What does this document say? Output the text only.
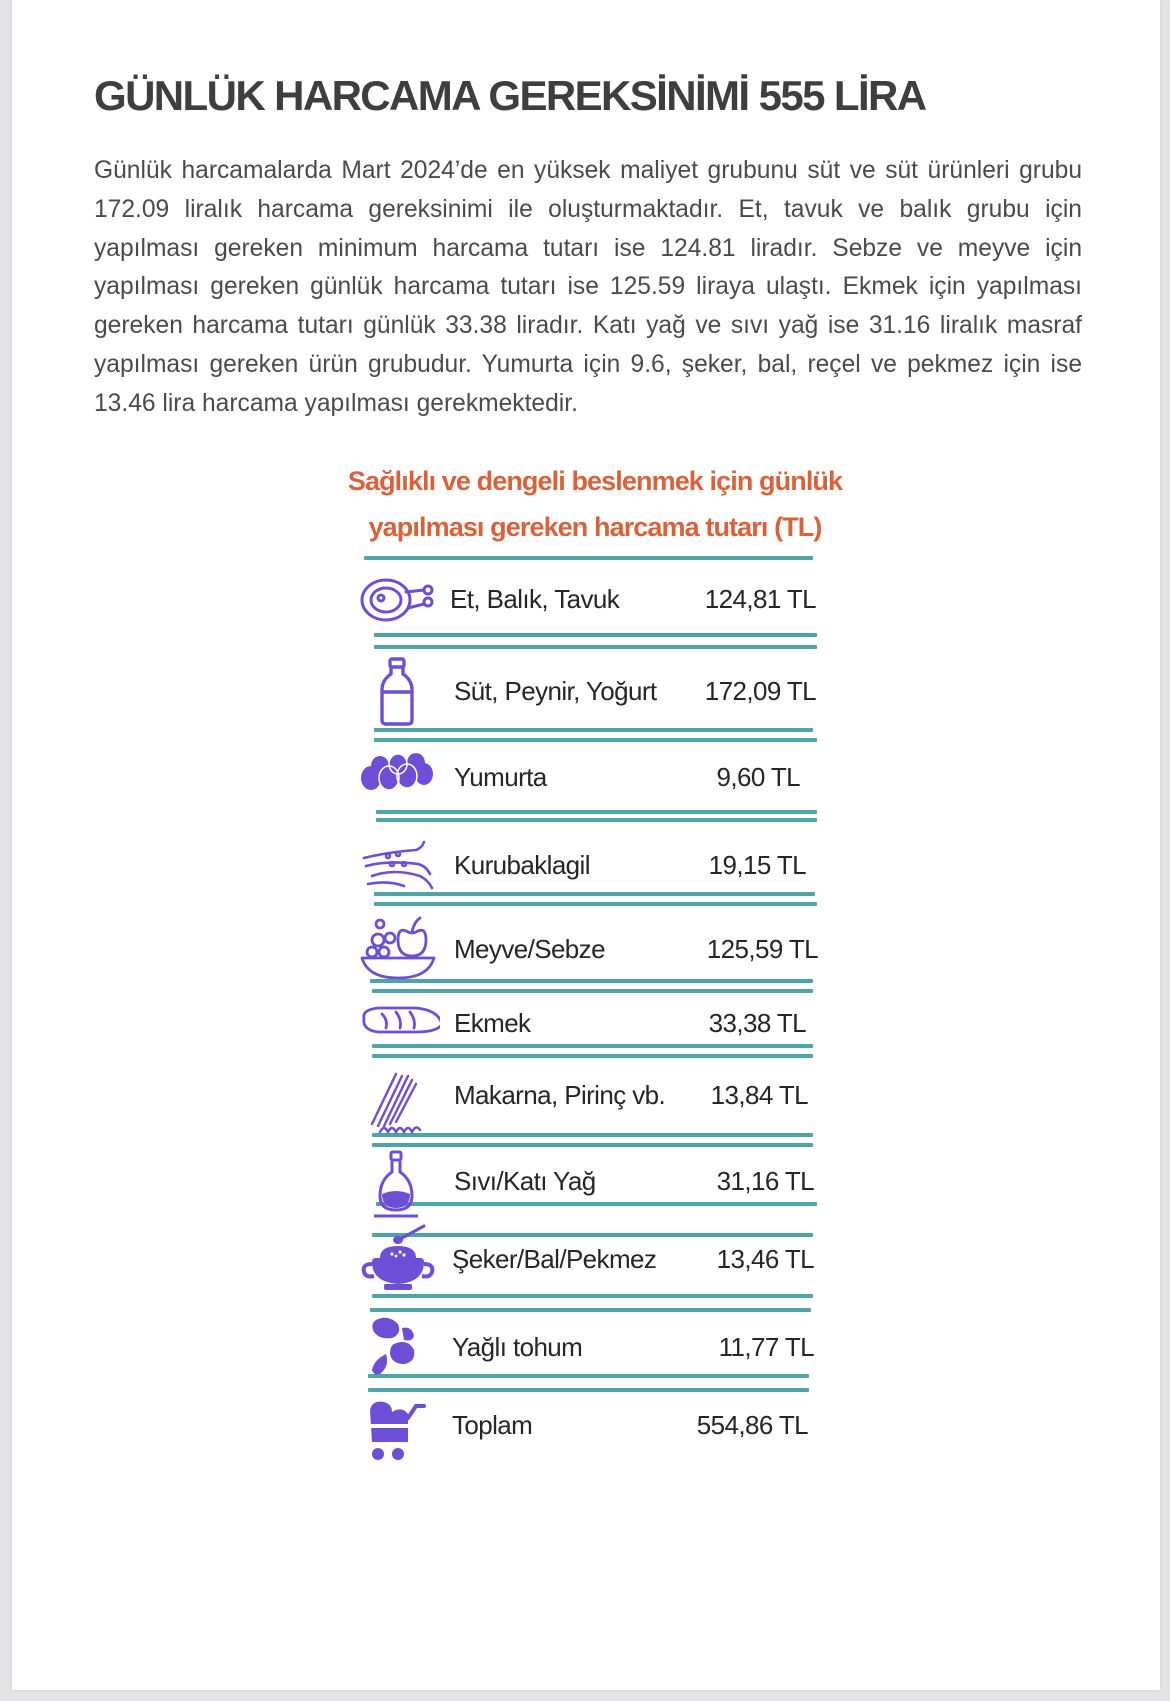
GÜNLÜK HARCAMA GEREKSİNİMİ 555 LİRA

Günlük harcamalarda Mart 2024’de en yüksek maliyet grubunu süt ve süt ürünleri grubu 172.09 liralık harcama gereksinimi ile oluşturmaktadır. Et, tavuk ve balık grubu için yapılması gereken minimum harcama tutarı ise 124.81 liradır. Sebze ve meyve için yapılması gereken günlük harcama tutarı ise 125.59 liraya ulaştı. Ekmek için yapılması gereken harcama tutarı günlük 33.38 liradır. Katı yağ ve sıvı yağ ise 31.16 liralık masraf yapılması gereken ürün grubudur. Yumurta için 9.6, şeker, bal, reçel ve pekmez için ise 13.46 lira harcama yapılması gerekmektedir.

Sağlıklı ve dengeli beslenmek için günlük
yapılması gereken harcama tutarı (TL)
Et, Balık, Tavuk	124,81 TL
Süt, Peynir, Yoğurt 172,09 TL
Yumurta	9,60 TL
Kurubaklagil	19,15 TL
Meyve/Sebze	125,59 TL
Ekmek	33,38 TL
Makarna, Pirinç vb. 13,84 TL
Sıvı/Katı Yağ	31,16 TL
Şeker/Bal/Pekmez 13,46 TL
Yağlı tohum	11,77 TL
Toplam	554,86 TL
